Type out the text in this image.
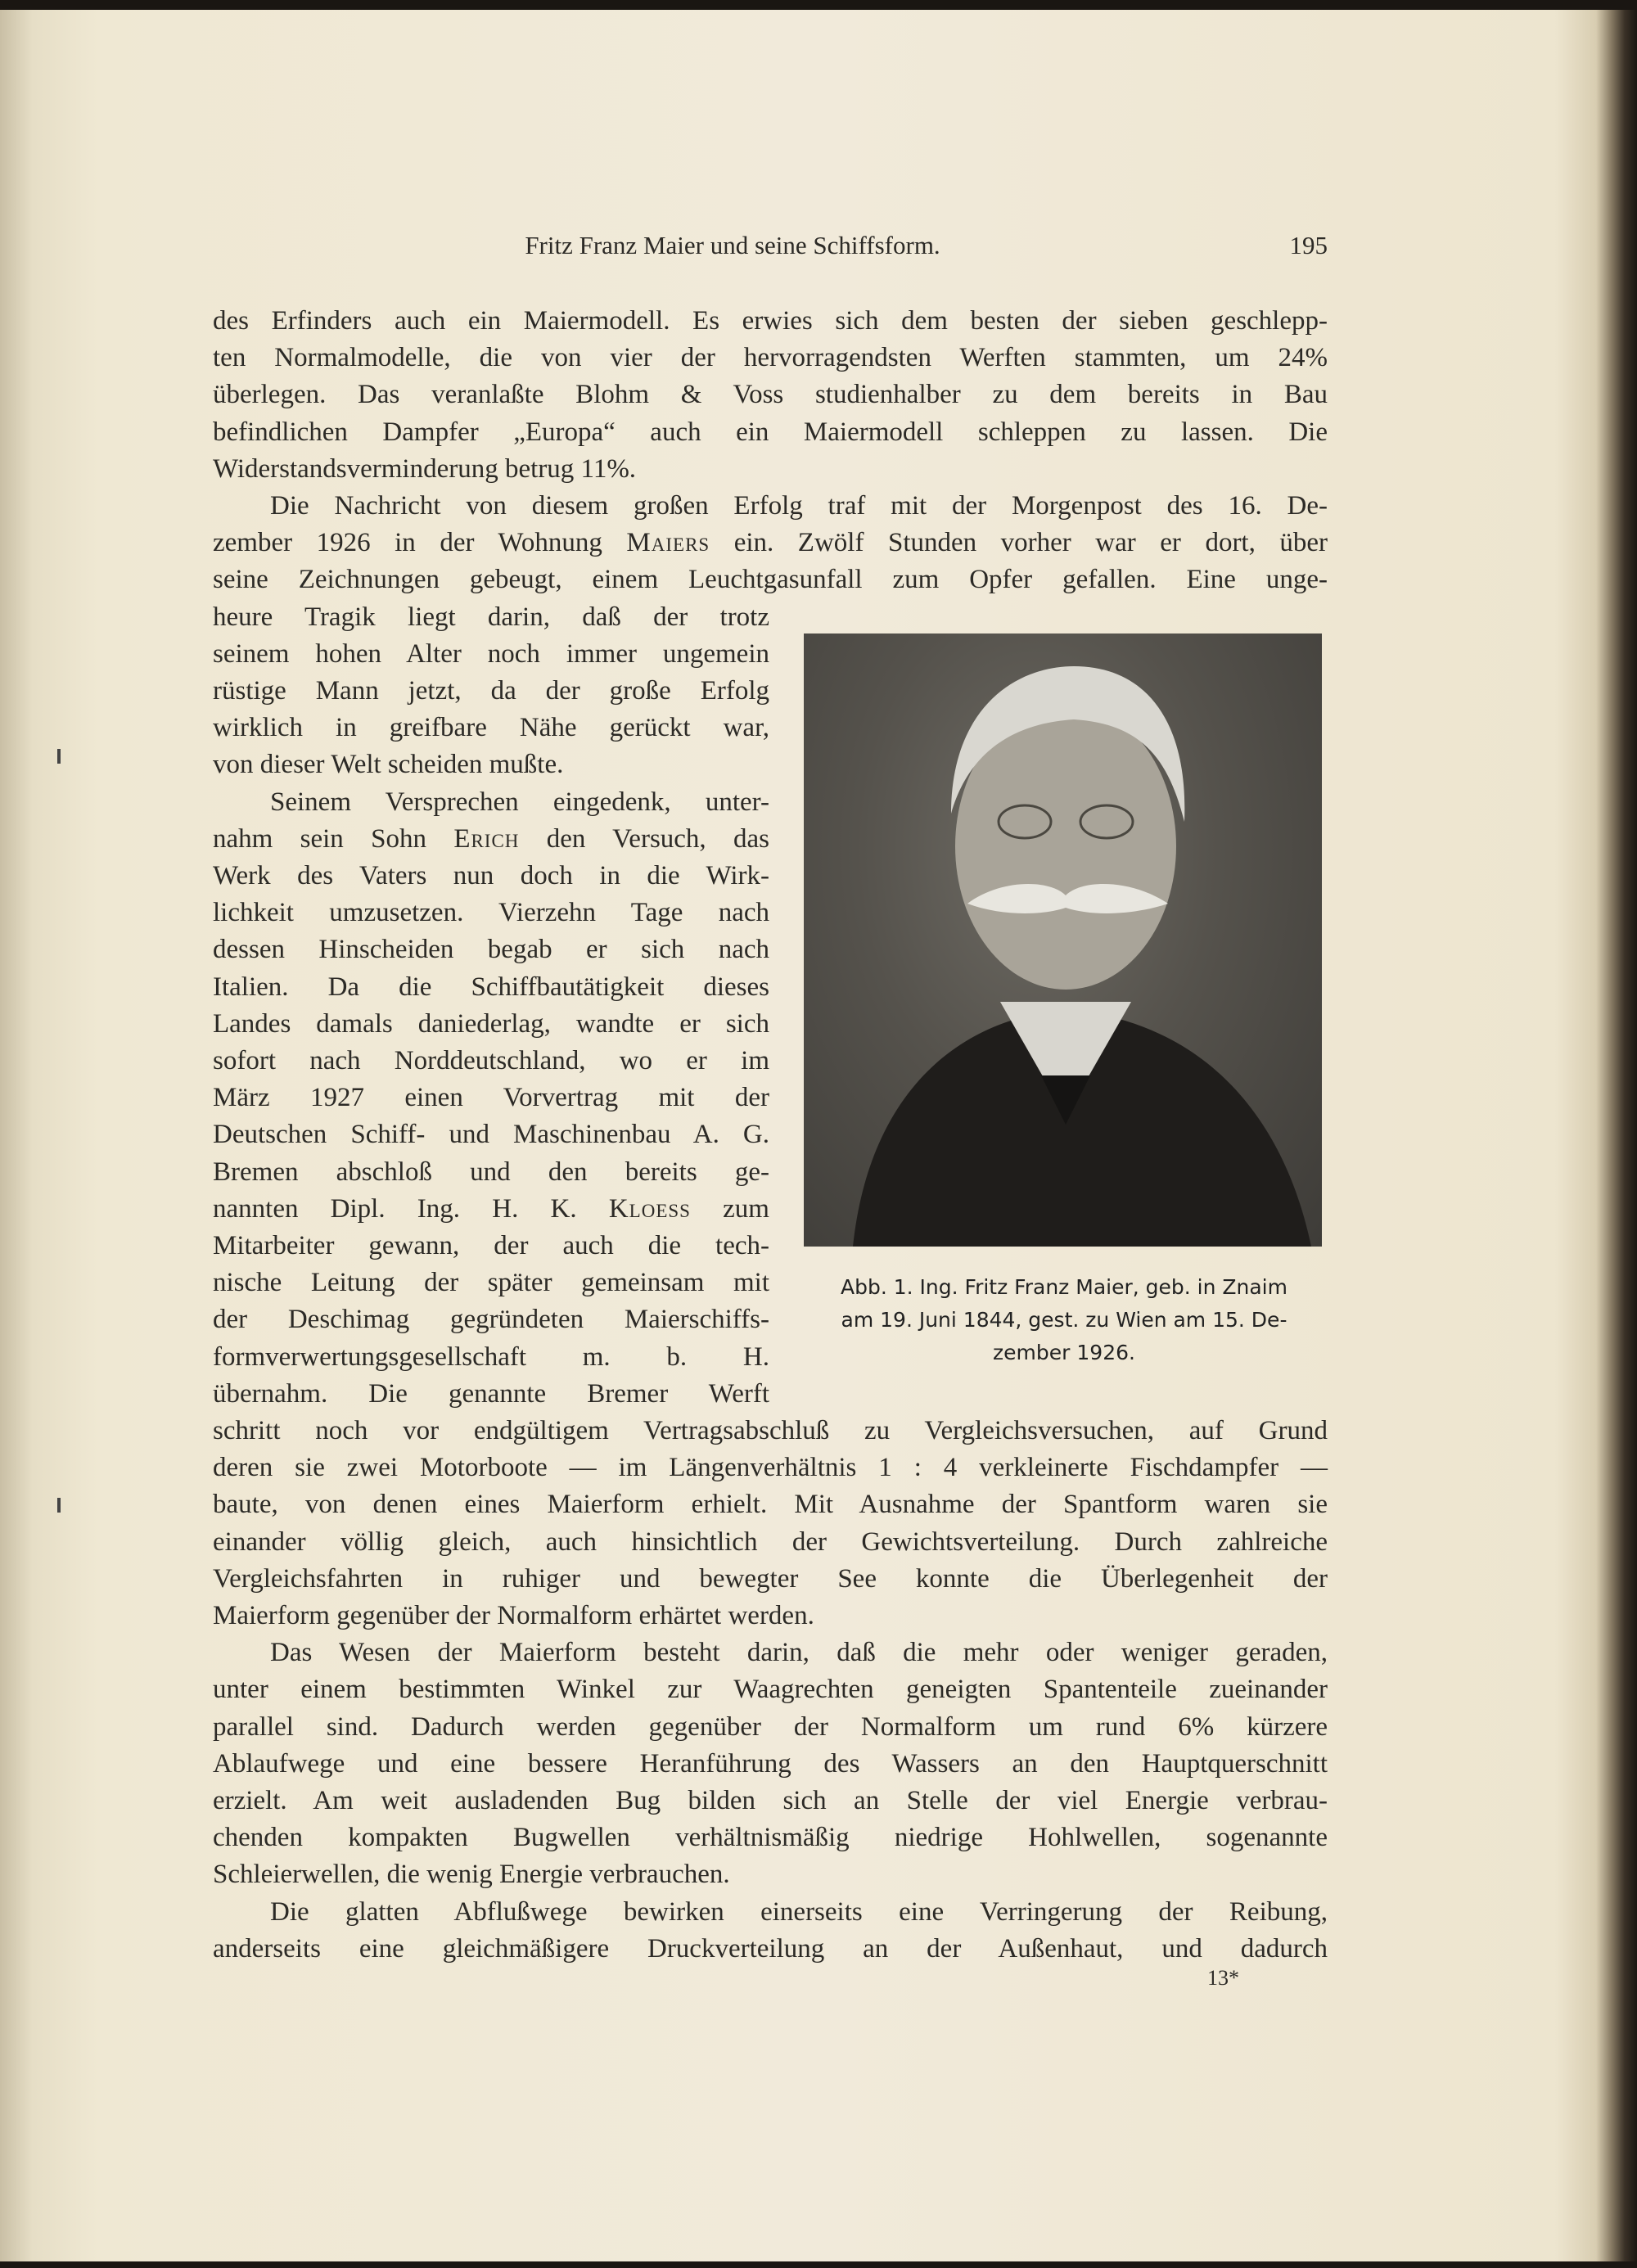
Fritz Franz Maier und seine Schiffsform.	195
des Erfinders auch ein Maiermodell. Es erwies sich dem besten der sieben geschlepp-
ten Normalmodelle, die von vier der hervorragendsten Werften stammten, um 24%
überlegen. Das veranlaßte Blohm & Voss studienhalber zu dem bereits in Bau
befindlichen Dampfer „Europa“ auch ein Maiermodell schleppen zu lassen. Die
Widerstandsverminderung betrug 11%.
Die Nachricht von diesem großen Erfolg traf mit der Morgenpost des 16. De-
zember 1926 in der Wohnung Maiers ein. Zwölf Stunden vorher war er dort, über
seine Zeichnungen gebeugt, einem Leuchtgasunfall zum Opfer gefallen. Eine unge-
heure Tragik liegt darin, daß der trotz
seinem hohen Alter noch immer ungemein
rüstige Mann jetzt, da der große Erfolg
wirklich in greifbare Nähe gerückt war,
von dieser Welt scheiden mußte.
Seinem Versprechen eingedenk, unter-
nahm sein Sohn Erich den Versuch, das
Werk des Vaters nun doch in die Wirk-
lichkeit umzusetzen. Vierzehn Tage nach
dessen Hinscheiden begab er sich nach
Italien. Da die Schiffbautätigkeit dieses
Landes damals daniederlag, wandte er sich
sofort nach Norddeutschland, wo er im
März 1927 einen Vorvertrag mit der
Deutschen Schiff- und Maschinenbau A. G.
Bremen abschloß und den bereits ge-
nannten Dipl. Ing. H. K. Kloess zum
Mitarbeiter gewann, der auch die tech-
nische Leitung der später gemeinsam mit
der Deschimag gegründeten Maierschiffs-
formverwertungsgesellschaft m. b. H.
übernahm. Die genannte Bremer Werft
schritt noch vor endgültigem Vertragsabschluß zu Vergleichsversuchen, auf Grund
deren sie zwei Motorboote — im Längenverhältnis 1 : 4 verkleinerte Fischdampfer —
baute, von denen eines Maierform erhielt. Mit Ausnahme der Spantform waren sie
einander völlig gleich, auch hinsichtlich der Gewichtsverteilung. Durch zahlreiche
Vergleichsfahrten in ruhiger und bewegter See konnte die Überlegenheit der
Maierform gegenüber der Normalform erhärtet werden.
Das Wesen der Maierform besteht darin, daß die mehr oder weniger geraden,
unter einem bestimmten Winkel zur Waagrechten geneigten Spantenteile zueinander
parallel sind. Dadurch werden gegenüber der Normalform um rund 6% kürzere
Ablaufwege und eine bessere Heranführung des Wassers an den Hauptquerschnitt
erzielt. Am weit ausladenden Bug bilden sich an Stelle der viel Energie verbrau-
chenden kompakten Bugwellen verhältnismäßig niedrige Hohlwellen, sogenannte
Schleierwellen, die wenig Energie verbrauchen.
Die glatten Abflußwege bewirken einerseits eine Verringerung der Reibung,
anderseits eine gleichmäßigere Druckverteilung an der Außenhaut, und dadurch
Abb. 1. Ing. Fritz Franz Maier, geb. in Znaim
am 19. Juni 1844, gest. zu Wien am 15. De-
zember 1926.
13*
